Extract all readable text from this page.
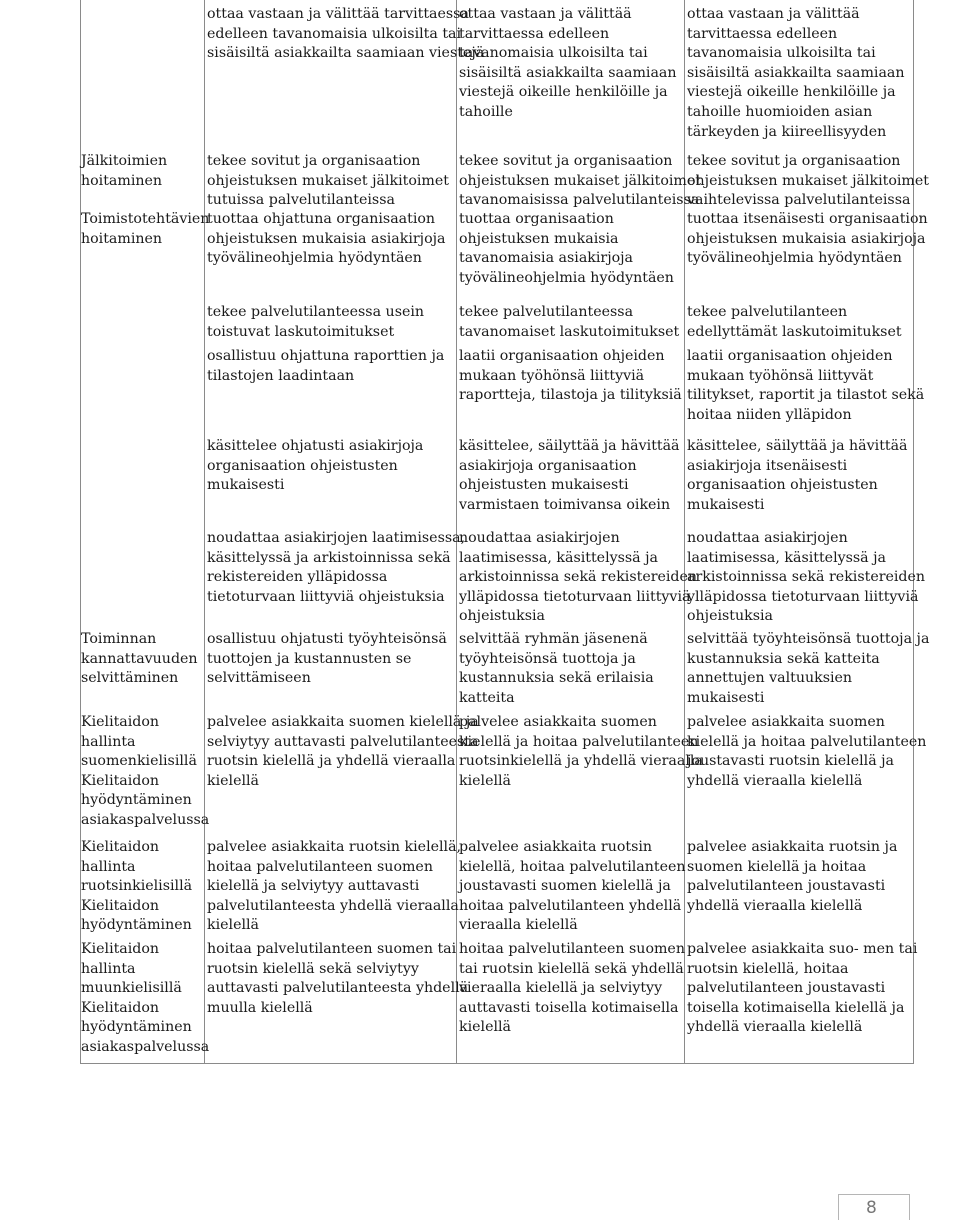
ottaa vastaan ja välittää tarvittaessa
edelleen tavanomaisia ulkoisilta tai
sisäisiltä asiakkailta saamiaan viestejä
ottaa vastaan ja välittää
tarvittaessa edelleen
tavanomaisia ulkoisilta tai
sisäisiltä asiakkailta saamiaan
viestejä oikeille henkilöille ja
tahoille
ottaa vastaan ja välittää
tarvittaessa edelleen
tavanomaisia ulkoisilta tai
sisäisiltä asiakkailta saamiaan
viestejä oikeille henkilöille ja
tahoille huomioiden asian
tärkeyden ja kiireellisyyden
Jälkitoimien
hoitaminen
tekee sovitut ja organisaation
ohjeistuksen mukaiset jälkitoimet
tutuissa palvelutilanteissa
tekee sovitut ja organisaation
ohjeistuksen mukaiset jälkitoimet
tavanomaisissa palvelutilanteissa
tekee sovitut ja organisaation
ohjeistuksen mukaiset jälkitoimet
vaihtelevissa palvelutilanteissa
Toimistotehtävien
hoitaminen
tuottaa ohjattuna organisaation
ohjeistuksen mukaisia asiakirjoja
työvälineohjelmia hyödyntäen
tuottaa organisaation
ohjeistuksen mukaisia
tavanomaisia asiakirjoja
työvälineohjelmia hyödyntäen
tuottaa itsenäisesti organisaation
ohjeistuksen mukaisia asiakirjoja
työvälineohjelmia hyödyntäen
tekee palvelutilanteessa usein
toistuvat laskutoimitukset
tekee palvelutilanteessa
tavanomaiset laskutoimitukset
tekee palvelutilanteen
edellyttämät laskutoimitukset
osallistuu ohjattuna raporttien ja
tilastojen laadintaan
laatii organisaation ohjeiden
mukaan työhönsä liittyviä
raportteja, tilastoja ja tilityksiä
laatii organisaation ohjeiden
mukaan työhönsä liittyvät
tilitykset, raportit ja tilastot sekä
hoitaa niiden ylläpidon
käsittelee ohjatusti asiakirjoja
organisaation ohjeistusten
mukaisesti
käsittelee, säilyttää ja hävittää
asiakirjoja organisaation
ohjeistusten mukaisesti
varmistaen toimivansa oikein
käsittelee, säilyttää ja hävittää
asiakirjoja itsenäisesti
organisaation ohjeistusten
mukaisesti
noudattaa asiakirjojen laatimisessa,
käsittelyssä ja arkistoinnissa sekä
rekistereiden ylläpidossa
tietoturvaan liittyviä ohjeistuksia
noudattaa asiakirjojen
laatimisessa, käsittelyssä ja
arkistoinnissa sekä rekistereiden
ylläpidossa tietoturvaan liittyviä
ohjeistuksia
noudattaa asiakirjojen
laatimisessa, käsittelyssä ja
arkistoinnissa sekä rekistereiden
ylläpidossa tietoturvaan liittyviä
ohjeistuksia
Toiminnan
kannattavuuden
selvittäminen
osallistuu ohjatusti työyhteisönsä
tuottojen ja kustannusten se
selvittämiseen
selvittää ryhmän jäsenenä
työyhteisönsä tuottoja ja
kustannuksia sekä erilaisia
katteita
selvittää työyhteisönsä tuottoja ja
kustannuksia sekä katteita
annettujen valtuuksien
mukaisesti
Kielitaidon
hallinta
suomenkielisillä
Kielitaidon
hyödyntäminen
asiakaspalvelussa
palvelee asiakkaita suomen kielellä ja
selviytyy auttavasti palvelutilanteesta
ruotsin kielellä ja yhdellä vieraalla
kielellä
palvelee asiakkaita suomen
kielellä ja hoitaa palvelutilanteen
ruotsinkielellä ja yhdellä vieraalla
kielellä
palvelee asiakkaita suomen
kielellä ja hoitaa palvelutilanteen
joustavasti ruotsin kielellä ja
yhdellä vieraalla kielellä
Kielitaidon
hallinta
ruotsinkielisillä
Kielitaidon
hyödyntäminen
palvelee asiakkaita ruotsin kielellä,
hoitaa palvelutilanteen suomen
kielellä ja selviytyy auttavasti
palvelutilanteesta yhdellä vieraalla
kielellä
palvelee asiakkaita ruotsin
kielellä, hoitaa palvelutilanteen
joustavasti suomen kielellä ja
hoitaa palvelutilanteen yhdellä
vieraalla kielellä
palvelee asiakkaita ruotsin ja
suomen kielellä ja hoitaa
palvelutilanteen joustavasti
yhdellä vieraalla kielellä
Kielitaidon
hallinta
muunkielisillä
Kielitaidon
hyödyntäminen
asiakaspalvelussa
hoitaa palvelutilanteen suomen tai
ruotsin kielellä sekä selviytyy
auttavasti palvelutilanteesta yhdellä
muulla kielellä
hoitaa palvelutilanteen suomen
tai ruotsin kielellä sekä yhdellä
vieraalla kielellä ja selviytyy
auttavasti toisella kotimaisella
kielellä
palvelee asiakkaita suo- men tai
ruotsin kielellä, hoitaa
palvelutilanteen joustavasti
toisella kotimaisella kielellä ja
yhdellä vieraalla kielellä
8
